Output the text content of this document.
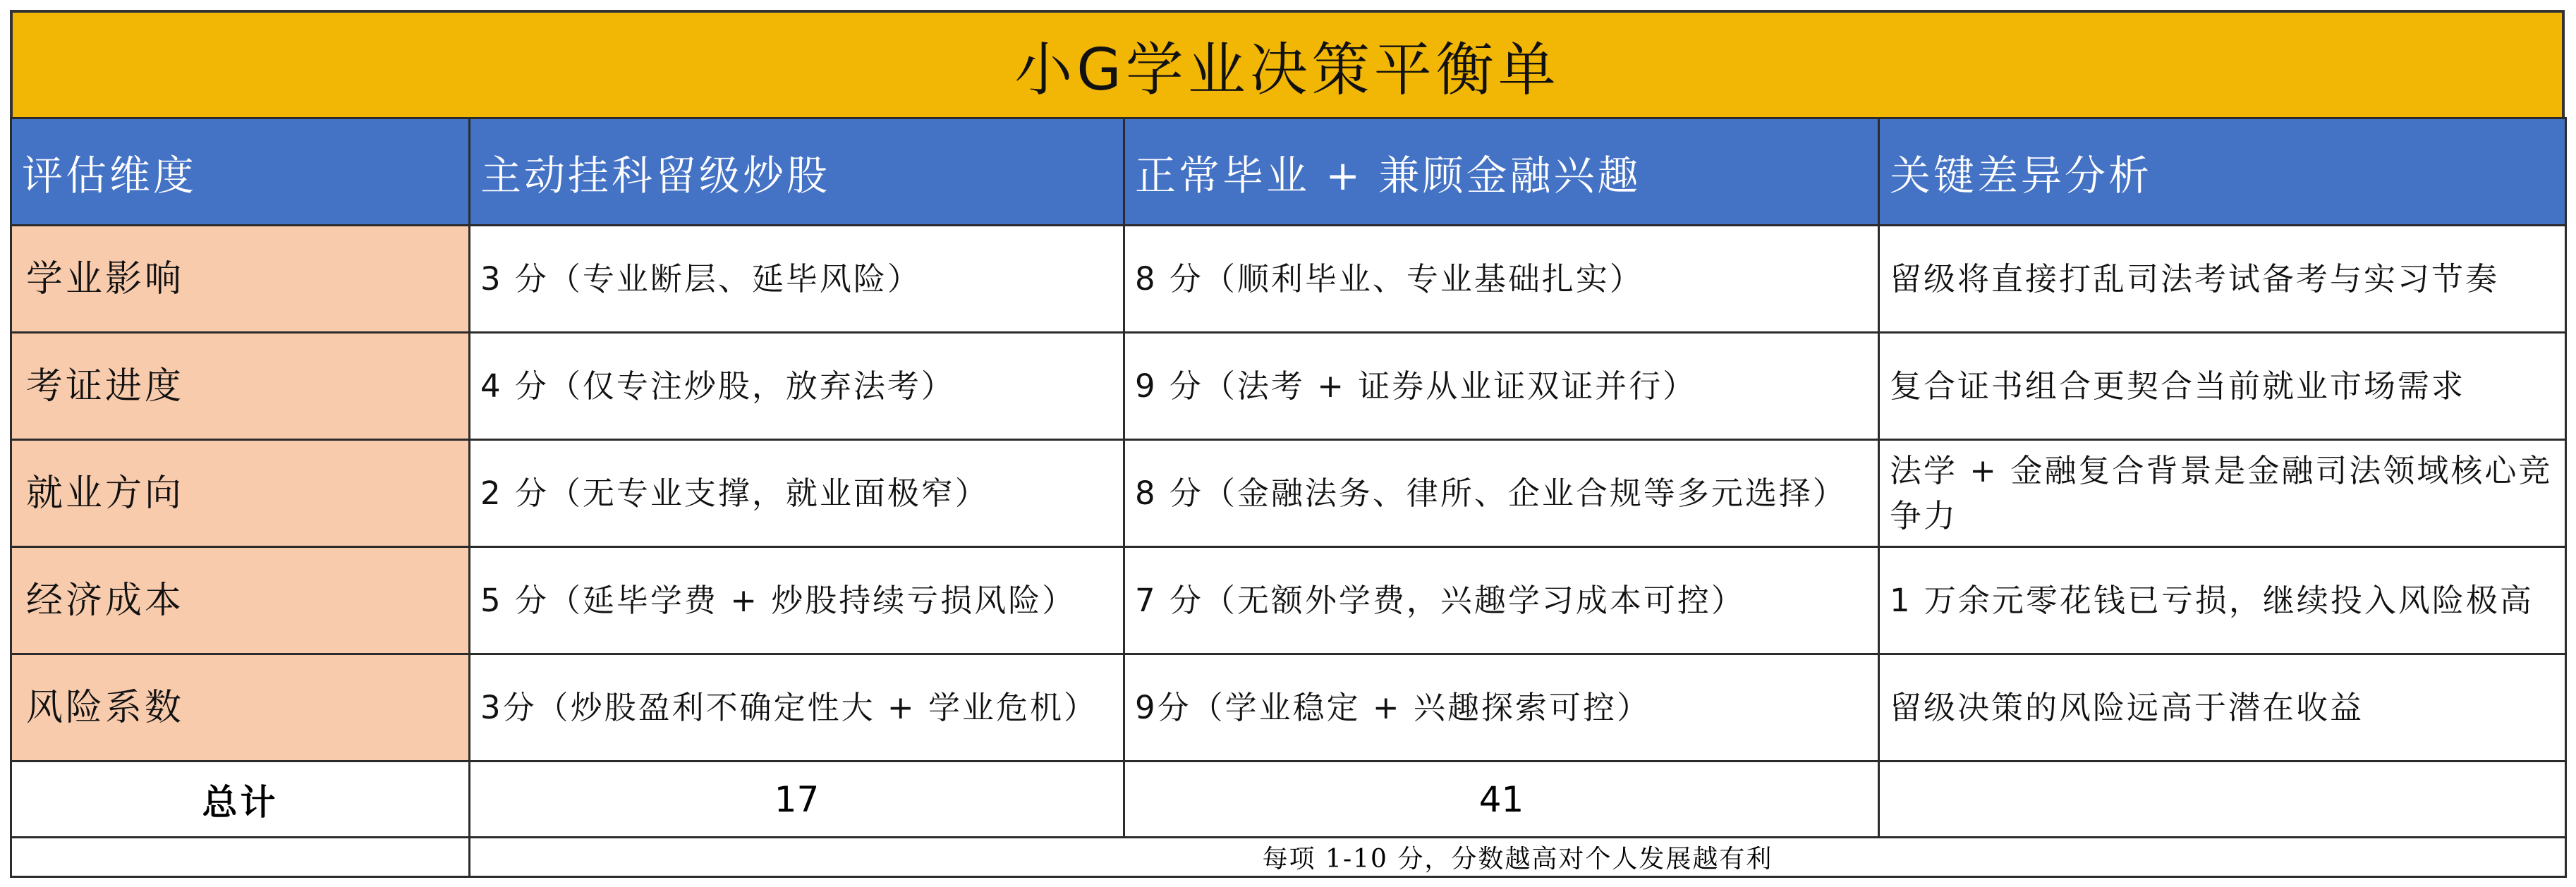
小G学业决策平衡单
评估维度	主动挂科留级炒股	正常毕业 + 兼顾金融兴趣	关键差异分析
学业影响	3 分（专业断层、延毕风险）	8 分（顺利毕业、专业基础扎实）	留级将直接打乱司法考试备考与实习节奏
考证进度	4 分（仅专注炒股，放弃法考）	9 分（法考 + 证券从业证双证并行）	复合证书组合更契合当前就业市场需求
就业方向	2 分（无专业支撑，就业面极窄）	8 分（金融法务、律所、企业合规等多元选择）	法学 + 金融复合背景是金融司法领域核心竞争力
经济成本	5 分（延毕学费 + 炒股持续亏损风险）	7 分（无额外学费，兴趣学习成本可控）	1 万余元零花钱已亏损，继续投入风险极高
风险系数	3分（炒股盈利不确定性大 + 学业危机）	9分（学业稳定 + 兴趣探索可控）	留级决策的风险远高于潜在收益
总计	17	41	
	每项 1-10 分，分数越高对个人发展越有利		
